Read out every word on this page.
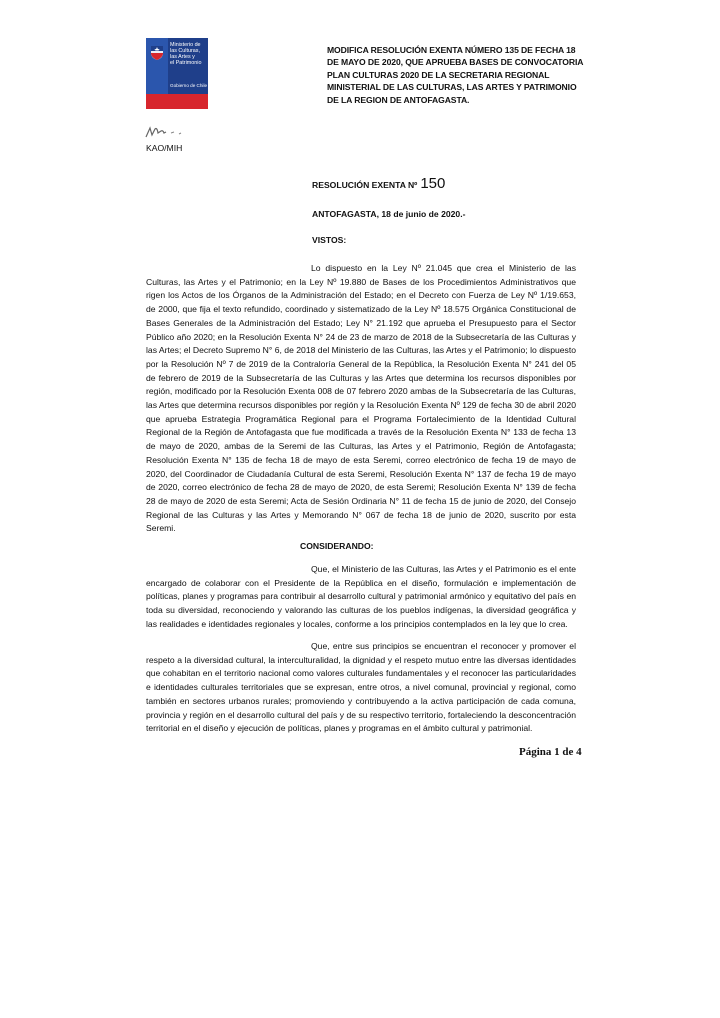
Ministerio de
las Culturas,
las Artes y
el Patrimonio
Gobierno de Chile
MODIFICA RESOLUCIÓN EXENTA NÚMERO 135 DE FECHA 18 DE MAYO DE 2020, QUE APRUEBA BASES DE CONVOCATORIA PLAN CULTURAS 2020 DE LA SECRETARIA REGIONAL MINISTERIAL DE LAS CULTURAS, LAS ARTES Y PATRIMONIO DE LA REGION DE ANTOFAGASTA.
KAO/MIH
RESOLUCIÓN EXENTA Nº 150
ANTOFAGASTA, 18 de junio de 2020.-
VISTOS:

Lo dispuesto en la Ley Nº 21.045 que crea el Ministerio de las Culturas, las Artes y el Patrimonio; en la Ley Nº 19.880 de Bases de los Procedimientos Administrativos que rigen los Actos de los Órganos de la Administración del Estado; en el Decreto con Fuerza de Ley Nº 1/19.653, de 2000, que fija el texto refundido, coordinado y sistematizado de la Ley Nº 18.575 Orgánica Constitucional de Bases Generales de la Administración del Estado; Ley N° 21.192 que aprueba el Presupuesto para el Sector Público año 2020; en la Resolución Exenta N° 24 de 23 de marzo de 2018 de la Subsecretaría de las Culturas y las Artes; el Decreto Supremo N° 6, de 2018 del Ministerio de las Culturas, las Artes y el Patrimonio; lo dispuesto por la Resolución Nº 7 de 2019 de la Contraloría General de la República, la Resolución Exenta N° 241 del 05 de febrero de 2019 de la Subsecretaría de las Culturas y las Artes que determina los recursos disponibles por región, modificado por la Resolución Exenta 008 de 07 febrero 2020 ambas de la Subsecretaría de las Culturas, las Artes que determina recursos disponibles por región y la Resolución Exenta Nº 129 de fecha 30 de abril 2020 que aprueba Estrategia Programática Regional para el Programa Fortalecimiento de la Identidad Cultural Regional de la Región de Antofagasta que fue modificada a través de la Resolución Exenta N° 133 de fecha 13 de mayo de 2020, ambas de la Seremi de las Culturas, las Artes y el Patrimonio, Región de Antofagasta; Resolución Exenta N° 135 de fecha 18 de mayo de esta Seremi, correo electrónico de fecha 19 de mayo de 2020, del Coordinador de Ciudadanía Cultural de esta Seremi, Resolución Exenta N° 137 de fecha 19 de mayo de 2020, correo electrónico de fecha 28 de mayo de 2020, de esta Seremi; Resolución Exenta N° 139 de fecha 28 de mayo de 2020 de esta Seremi; Acta de Sesión Ordinaria N° 11 de fecha 15 de junio de 2020, del Consejo Regional de las Culturas y las Artes y Memorando N° 067 de fecha 18 de junio de 2020, suscrito por esta Seremi.

CONSIDERANDO:

Que, el Ministerio de las Culturas, las Artes y el Patrimonio es el ente encargado de colaborar con el Presidente de la República en el diseño, formulación e implementación de políticas, planes y programas para contribuir al desarrollo cultural y patrimonial armónico y equitativo del país en toda su diversidad, reconociendo y valorando las culturas de los pueblos indígenas, la diversidad geográfica y las realidades e identidades regionales y locales, conforme a los principios contemplados en la ley que lo crea.

Que, entre sus principios se encuentran el reconocer y promover el respeto a la diversidad cultural, la interculturalidad, la dignidad y el respeto mutuo entre las diversas identidades que cohabitan en el territorio nacional como valores culturales fundamentales y el reconocer las particularidades e identidades culturales territoriales que se expresan, entre otros, a nivel comunal, provincial y regional, como también en sectores urbanos rurales; promoviendo y contribuyendo a la activa participación de cada comuna, provincia y región en el desarrollo cultural del país y de su respectivo territorio, fortaleciendo la desconcentración territorial en el diseño y ejecución de políticas, planes y programas en el ámbito cultural y patrimonial.

Página 1 de 4
